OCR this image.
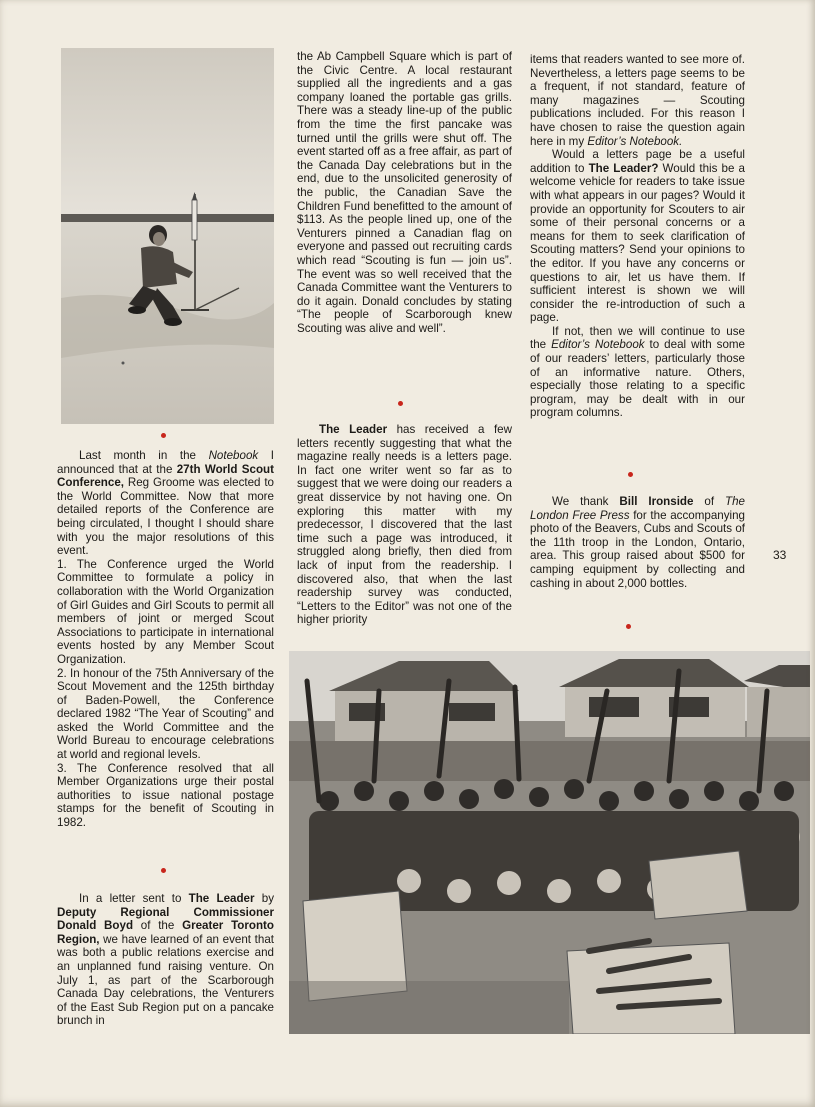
Last month in the Notebook I announced that at the 27th World Scout Conference, Reg Groome was elected to the World Committee. Now that more detailed reports of the Conference are being circulated, I thought I should share with you the major resolutions of this event.

1. The Conference urged the World Committee to formulate a policy in collaboration with the World Organization of Girl Guides and Girl Scouts to permit all members of joint or merged Scout Associations to participate in international events hosted by any Member Scout Organization.

2. In honour of the 75th Anniversary of the Scout Movement and the 125th birthday of Baden-Powell, the Conference declared 1982 “The Year of Scouting” and asked the World Committee and the World Bureau to encourage celebrations at world and regional levels.

3. The Conference resolved that all Member Organizations urge their postal authorities to issue national postage stamps for the benefit of Scouting in 1982.

In a letter sent to The Leader by Deputy Regional Commissioner Donald Boyd of the Greater Toronto Region, we have learned of an event that was both a public relations exercise and an unplanned fund raising venture. On July 1, as part of the Scarborough Canada Day celebrations, the Venturers of the East Sub Region put on a pancake brunch in

the Ab Campbell Square which is part of the Civic Centre. A local restaurant supplied all the ingredients and a gas company loaned the portable gas grills. There was a steady line-up of the public from the time the first pancake was turned until the grills were shut off. The event started off as a free affair, as part of the Canada Day celebrations but in the end, due to the unsolicited generosity of the public, the Canadian Save the Children Fund benefitted to the amount of $113. As the people lined up, one of the Venturers pinned a Canadian flag on everyone and passed out recruiting cards which read “Scouting is fun — join us”. The event was so well received that the Canada Committee want the Venturers to do it again. Donald concludes by stating “The people of Scarborough knew Scouting was alive and well”.

The Leader has received a few letters recently suggesting that what the magazine really needs is a letters page. In fact one writer went so far as to suggest that we were doing our readers a great disservice by not having one. On exploring this matter with my predecessor, I discovered that the last time such a page was introduced, it struggled along briefly, then died from lack of input from the readership. I discovered also, that when the last readership survey was conducted, “Letters to the Editor” was not one of the higher priority

items that readers wanted to see more of. Nevertheless, a letters page seems to be a frequent, if not standard, feature of many magazines — Scouting publications included. For this reason I have chosen to raise the question again here in my Editor’s Notebook.

Would a letters page be a useful addition to The Leader? Would this be a welcome vehicle for readers to take issue with what appears in our pages? Would it provide an opportunity for Scouters to air some of their personal concerns or a means for them to seek clarification of Scouting matters? Send your opinions to the editor. If you have any concerns or questions to air, let us have them. If sufficient interest is shown we will consider the re-introduction of such a page.

If not, then we will continue to use the Editor’s Notebook to deal with some of our readers’ letters, particularly those of an informative nature. Others, especially those relating to a specific program, may be dealt with in our program columns.

We thank Bill Ironside of The London Free Press for the accompanying photo of the Beavers, Cubs and Scouts of the 11th troop in the London, Ontario, area. This group raised about $500 for camping equipment by collecting and cashing in about 2,000 bottles.

33
